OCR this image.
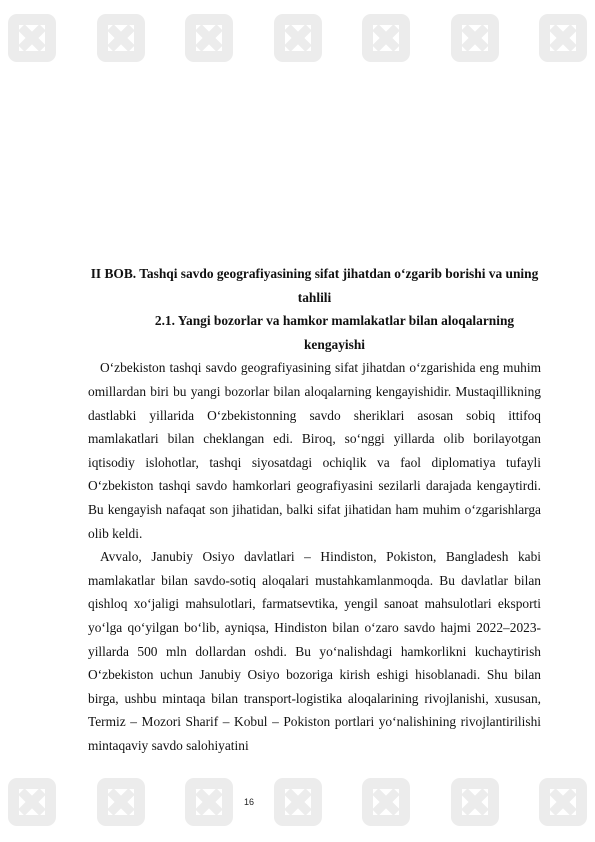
II BOB. Tashqi savdo geografiyasining sifat jihatdan o‘zgarib borishi va uning tahlili
2.1. Yangi bozorlar va hamkor mamlakatlar bilan aloqalarning kengayishi

O‘zbekiston tashqi savdo geografiyasining sifat jihatdan o‘zgarishida eng muhim omillardan biri bu yangi bozorlar bilan aloqalarning kengayishidir. Mustaqillikning dastlabki yillarida O‘zbekistonning savdo sheriklari asosan sobiq ittifoq mamlakatlari bilan cheklangan edi. Biroq, so‘nggi yillarda olib borilayotgan iqtisodiy islohotlar, tashqi siyosatdagi ochiqlik va faol diplomatiya tufayli O‘zbekiston tashqi savdo hamkorlari geografiyasini sezilarli darajada kengaytirdi. Bu kengayish nafaqat son jihatidan, balki sifat jihatidan ham muhim o‘zgarishlarga olib keldi.

Avvalo, Janubiy Osiyo davlatlari – Hindiston, Pokiston, Bangladesh kabi mamlakatlar bilan savdo-sotiq aloqalari mustahkamlanmoqda. Bu davlatlar bilan qishloq xo‘jaligi mahsulotlari, farmatsevtika, yengil sanoat mahsulotlari eksporti yo‘lga qo‘yilgan bo‘lib, ayniqsa, Hindiston bilan o‘zaro savdo hajmi 2022–2023-yillarda 500 mln dollardan oshdi. Bu yo‘nalishdagi hamkorlikni kuchaytirish O‘zbekiston uchun Janubiy Osiyo bozoriga kirish eshigi hisoblanadi. Shu bilan birga, ushbu mintaqa bilan transport-logistika aloqalarining rivojlanishi, xususan, Termiz – Mozori Sharif – Kobul – Pokiston portlari yo‘nalishining rivojlantirilishi mintaqaviy savdo salohiyatini

16
